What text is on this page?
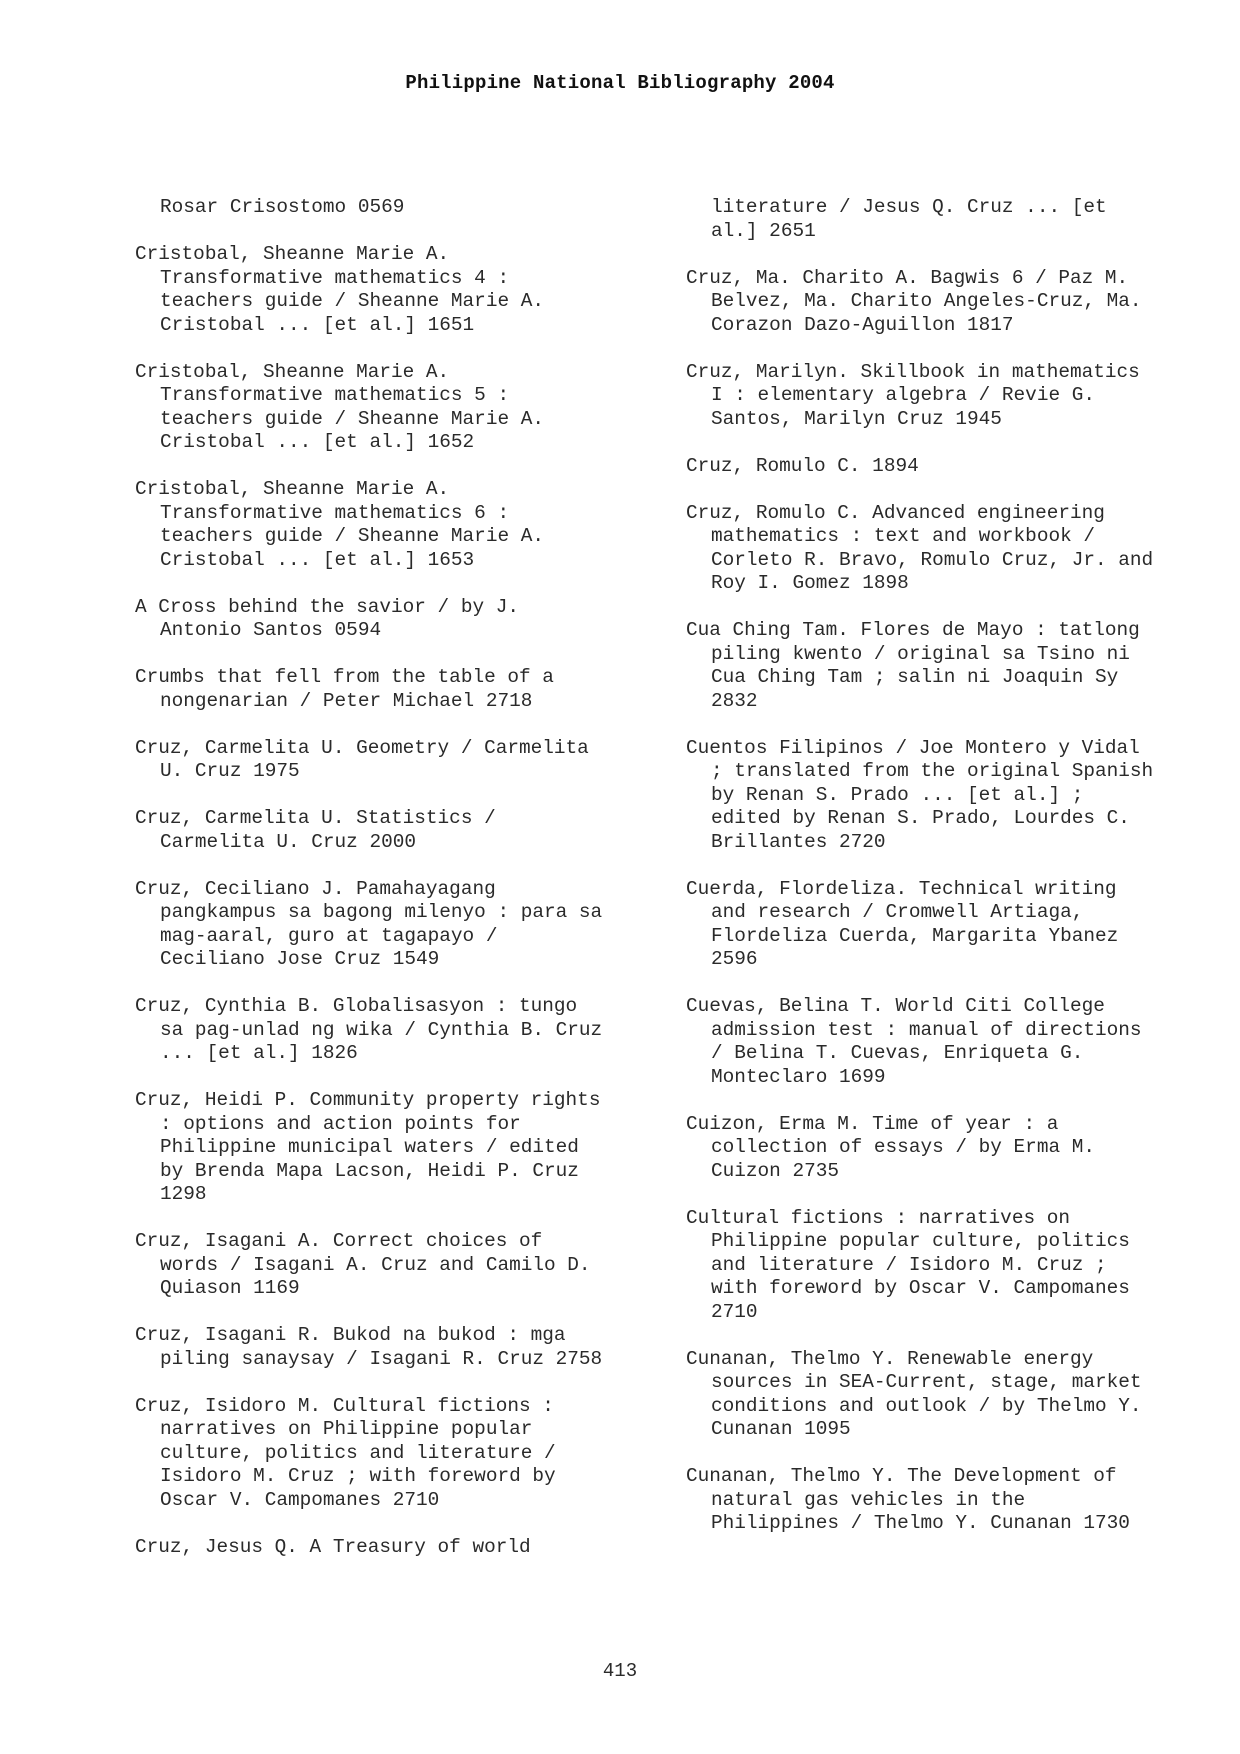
Philippine National Bibliography 2004
Rosar Crisostomo 0569
Cristobal, Sheanne Marie A.
Transformative mathematics 4 :
teachers guide / Sheanne Marie A.
Cristobal ... [et al.] 1651
Cristobal, Sheanne Marie A.
Transformative mathematics 5 :
teachers guide / Sheanne Marie A.
Cristobal ... [et al.] 1652
Cristobal, Sheanne Marie A.
Transformative mathematics 6 :
teachers guide / Sheanne Marie A.
Cristobal ... [et al.] 1653
A Cross behind the savior / by J.
Antonio Santos 0594
Crumbs that fell from the table of a
nongenarian / Peter Michael 2718
Cruz, Carmelita U. Geometry / Carmelita
U. Cruz 1975
Cruz, Carmelita U. Statistics /
Carmelita U. Cruz 2000
Cruz, Ceciliano J. Pamahayagang
pangkampus sa bagong milenyo : para sa
mag-aaral, guro at tagapayo /
Ceciliano Jose Cruz 1549
Cruz, Cynthia B. Globalisasyon : tungo
sa pag-unlad ng wika / Cynthia B. Cruz
... [et al.] 1826
Cruz, Heidi P. Community property rights
: options and action points for
Philippine municipal waters / edited
by Brenda Mapa Lacson, Heidi P. Cruz
1298
Cruz, Isagani A. Correct choices of
words / Isagani A. Cruz and Camilo D.
Quiason 1169
Cruz, Isagani R. Bukod na bukod : mga
piling sanaysay / Isagani R. Cruz 2758
Cruz, Isidoro M. Cultural fictions :
narratives on Philippine popular
culture, politics and literature /
Isidoro M. Cruz ; with foreword by
Oscar V. Campomanes 2710
Cruz, Jesus Q. A Treasury of world
literature / Jesus Q. Cruz ... [et
al.] 2651
Cruz, Ma. Charito A. Bagwis 6 / Paz M.
Belvez, Ma. Charito Angeles-Cruz, Ma.
Corazon Dazo-Aguillon 1817
Cruz, Marilyn. Skillbook in mathematics
I : elementary algebra / Revie G.
Santos, Marilyn Cruz 1945
Cruz, Romulo C. 1894
Cruz, Romulo C. Advanced engineering
mathematics : text and workbook /
Corleto R. Bravo, Romulo Cruz, Jr. and
Roy I. Gomez 1898
Cua Ching Tam. Flores de Mayo : tatlong
piling kwento / original sa Tsino ni
Cua Ching Tam ; salin ni Joaquin Sy
2832
Cuentos Filipinos / Joe Montero y Vidal
; translated from the original Spanish
by Renan S. Prado ... [et al.] ;
edited by Renan S. Prado, Lourdes C.
Brillantes 2720
Cuerda, Flordeliza. Technical writing
and research / Cromwell Artiaga,
Flordeliza Cuerda, Margarita Ybanez
2596
Cuevas, Belina T. World Citi College
admission test : manual of directions
/ Belina T. Cuevas, Enriqueta G.
Monteclaro 1699
Cuizon, Erma M. Time of year : a
collection of essays / by Erma M.
Cuizon 2735
Cultural fictions : narratives on
Philippine popular culture, politics
and literature / Isidoro M. Cruz ;
with foreword by Oscar V. Campomanes
2710
Cunanan, Thelmo Y. Renewable energy
sources in SEA-Current, stage, market
conditions and outlook / by Thelmo Y.
Cunanan 1095
Cunanan, Thelmo Y. The Development of
natural gas vehicles in the
Philippines / Thelmo Y. Cunanan 1730
413
